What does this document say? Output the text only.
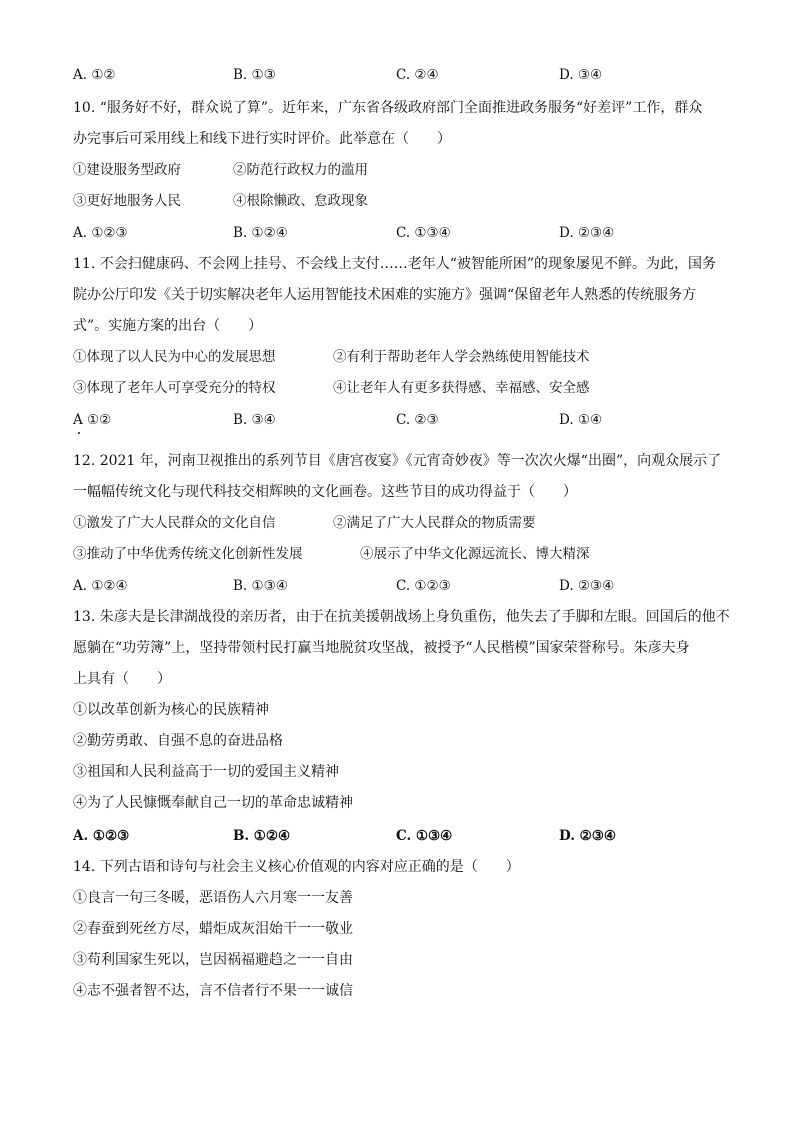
A. ①②	B. ①③	C. ②④	D. ③④
10. “服务好不好，群众说了算”。近年来，广东省各级政府部门全面推进政务服务“好差评”工作，群众
办完事后可采用线上和线下进行实时评价。此举意在（　　）
①建设服务型政府	②防范行政权力的滥用
③更好地服务人民	④根除懒政、怠政现象
A. ①②③	B. ①②④	C. ①③④	D. ②③④
11. 不会扫健康码、不会网上挂号、不会线上支付……老年人“被智能所困”的现象屡见不鲜。为此，国务
院办公厅印发《关于切实解决老年人运用智能技术困难的实施方》强调“保留老年人熟悉的传统服务方
式”。实施方案的出台（　　）
①体现了以人民为中心的发展思想	②有利于帮助老年人学会熟练使用智能技术
③体现了老年人可享受充分的特权	④让老年人有更多获得感、幸福感、安全感
A ①②	B. ③④	C. ②③	D. ①④
12. 2021 年，河南卫视推出的系列节目《唐宫夜宴》《元宵奇妙夜》等一次次火爆“出圈”，向观众展示了
一幅幅传统文化与现代科技交相辉映的文化画卷。这些节目的成功得益于（　　）
①激发了广大人民群众的文化自信	②满足了广大人民群众的物质需要
③推动了中华优秀传统文化创新性发展	④展示了中华文化源远流长、博大精深
A. ①②④	B. ①③④	C. ①②③	D. ②③④
13. 朱彦夫是长津湖战役的亲历者，由于在抗美援朝战场上身负重伤，他失去了手脚和左眼。回国后的他不
愿躺在“功劳簿”上，坚持带领村民打赢当地脱贫攻坚战，被授予“人民楷模”国家荣誉称号。朱彦夫身
上具有（　　）
①以改革创新为核心的民族精神
②勤劳勇敢、自强不息的奋进品格
③祖国和人民利益高于一切的爱国主义精神
④为了人民慷慨奉献自己一切的革命忠诚精神
A. ①②③	B. ①②④	C. ①③④	D. ②③④
14. 下列古语和诗句与社会主义核心价值观的内容对应正确的是（　　）
①良言一句三冬暖，恶语伤人六月寒一一友善
②春蚕到死丝方尽，蜡炬成灰泪始干一一敬业
③苟利国家生死以，岂因祸福避趋之一一自由
④志不强者智不达，言不信者行不果一一诚信
